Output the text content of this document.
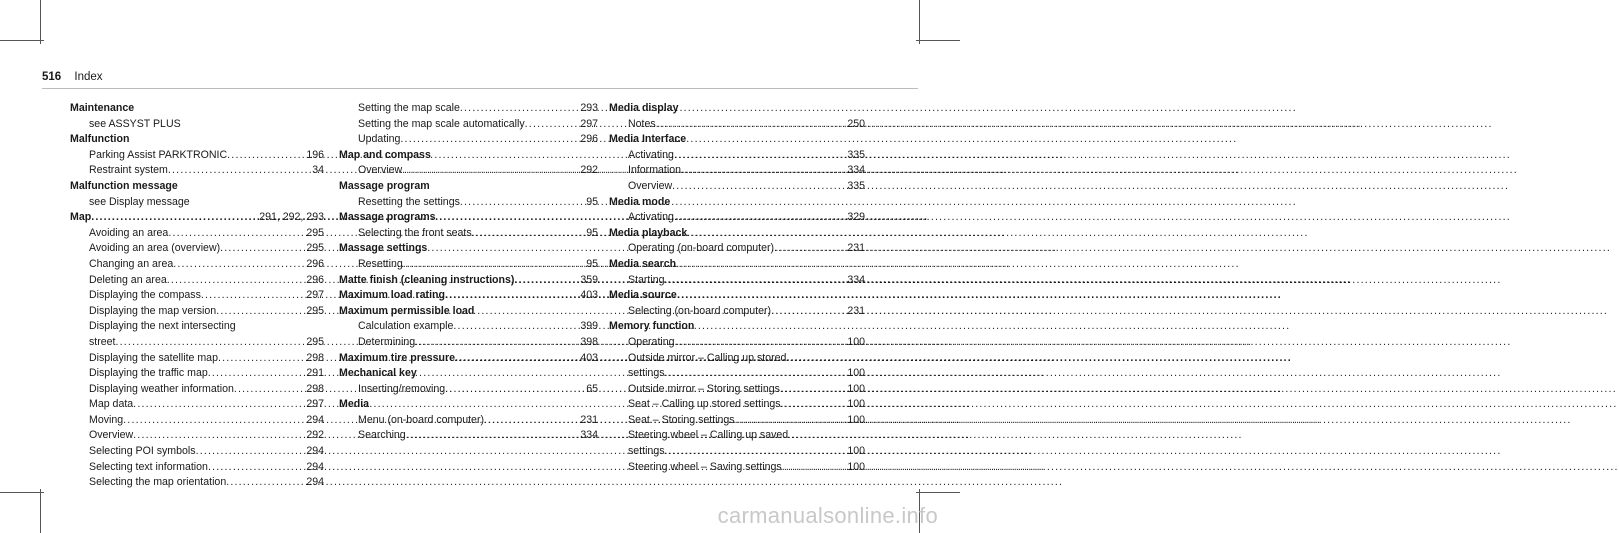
516 Index
Maintenance
see ASSYST PLUS
Malfunction
Parking Assist PARKTRONIC .....	196
Restraint system .....	34
Malfunction message
see Display message
Map .....	291, 292, 293
Avoiding an area .....	295
Avoiding an area (overview) .....	295
Changing an area .....	296
Deleting an area .....	296
Displaying the compass .....	297
Displaying the map version .....	295
Displaying the next intersecting
street .....	295
Displaying the satellite map .....	298
Displaying the traffic map .....	291
Displaying weather information .....	298
Map data .....	297
Moving .....	294
Overview .....	292
Selecting POI symbols .....	294
Selecting text information .....	294
Selecting the map orientation .....	294
Setting the map scale .....	293
Setting the map scale automatically .....	297
Updating .....	296
Map and compass
Overview .....	292
Massage program
Resetting the settings .....	95
Massage programs
Selecting the front seats .....	95
Massage settings
Resetting .....	95
Matte finish (cleaning instructions) .....	359
Maximum load rating .....	403
Maximum permissible load
Calculation example .....	399
Determining .....	398
Maximum tire pressure .....	403
Mechanical key
Inserting/removing .....	65
Media
Menu (on-board computer) .....	231
Searching .....	334
Media display
Notes .....	250
Media Interface
Activating .....	335
Information .....	334
Overview .....	335
Media mode
Activating .....	329
Media playback
Operating (on-board computer) .....	231
Media search
Starting .....	334
Media source
Selecting (on-board computer) .....	231
Memory function
Operating .....	100
Outside mirror – Calling up stored
settings .....	100
Outside mirror – Storing settings .....	100
Seat – Calling up stored settings .....	100
Seat – Storing settings .....	100
Steering wheel – Calling up saved
settings .....	100
Steering wheel – Saving settings .....	100
carmanualsonline.info
